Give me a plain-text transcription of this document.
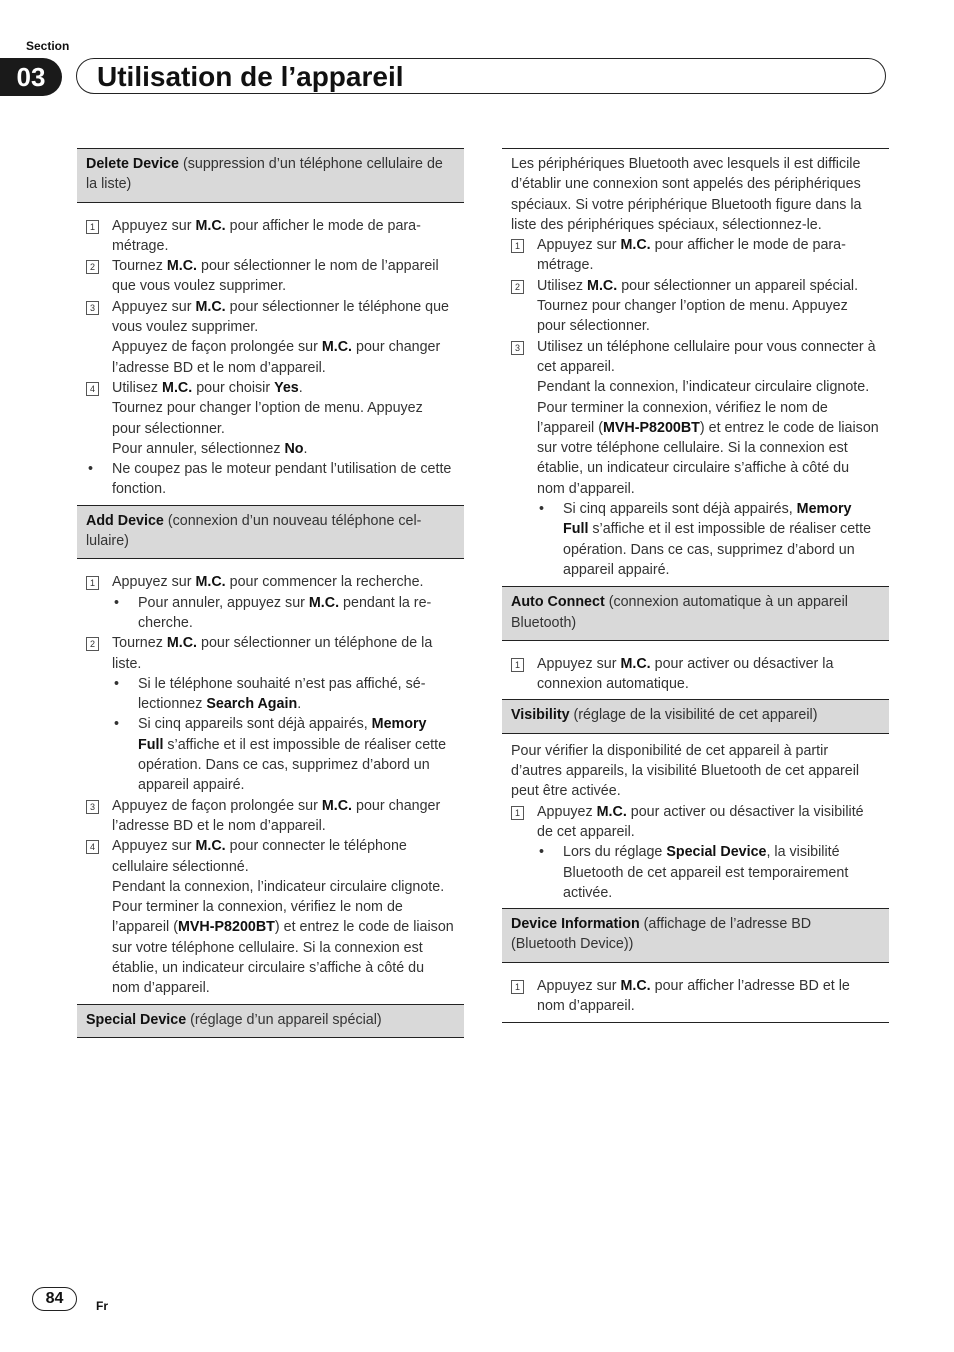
Section
03	Utilisation de l’appareil
Delete Device (suppression d’un téléphone cellulaire de la liste)
1 Appuyez sur M.C. pour afficher le mode de paramétrage.
2 Tournez M.C. pour sélectionner le nom de l’appareil que vous voulez supprimer.
3 Appuyez sur M.C. pour sélectionner le téléphone que vous voulez supprimer.
Appuyez de façon prolongée sur M.C. pour changer l’adresse BD et le nom d’appareil.
4 Utilisez M.C. pour choisir Yes.
Tournez pour changer l’option de menu. Appuyez pour sélectionner.
Pour annuler, sélectionnez No.
• Ne coupez pas le moteur pendant l’utilisation de cette fonction.
Add Device (connexion d’un nouveau téléphone cellulaire)
1 Appuyez sur M.C. pour commencer la recherche.
• Pour annuler, appuyez sur M.C. pendant la recherche.
2 Tournez M.C. pour sélectionner un téléphone de la liste.
• Si le téléphone souhaité n’est pas affiché, sélectionnez Search Again.
• Si cinq appareils sont déjà appairés, Memory Full s’affiche et il est impossible de réaliser cette opération. Dans ce cas, supprimez d’abord un appareil appairé.
3 Appuyez de façon prolongée sur M.C. pour changer l’adresse BD et le nom d’appareil.
4 Appuyez sur M.C. pour connecter le téléphone cellulaire sélectionné.
Pendant la connexion, l’indicateur circulaire clignote. Pour terminer la connexion, vérifiez le nom de l’appareil (MVH-P8200BT) et entrez le code de liaison sur votre téléphone cellulaire. Si la connexion est établie, un indicateur circulaire s’affiche à côté du nom d’appareil.
Special Device (réglage d’un appareil spécial)
Les périphériques Bluetooth avec lesquels il est difficile d’établir une connexion sont appelés des périphériques spéciaux. Si votre périphérique Bluetooth figure dans la liste des périphériques spéciaux, sélectionnez-le.
1 Appuyez sur M.C. pour afficher le mode de paramétrage.
2 Utilisez M.C. pour sélectionner un appareil spécial.
Tournez pour changer l’option de menu. Appuyez pour sélectionner.
3 Utilisez un téléphone cellulaire pour vous connecter à cet appareil.
Pendant la connexion, l’indicateur circulaire clignote. Pour terminer la connexion, vérifiez le nom de l’appareil (MVH-P8200BT) et entrez le code de liaison sur votre téléphone cellulaire. Si la connexion est établie, un indicateur circulaire s’affiche à côté du nom d’appareil.
• Si cinq appareils sont déjà appairés, Memory Full s’affiche et il est impossible de réaliser cette opération. Dans ce cas, supprimez d’abord un appareil appairé.
Auto Connect (connexion automatique à un appareil Bluetooth)
1 Appuyez sur M.C. pour activer ou désactiver la connexion automatique.
Visibility (réglage de la visibilité de cet appareil)
Pour vérifier la disponibilité de cet appareil à partir d’autres appareils, la visibilité Bluetooth de cet appareil peut être activée.
1 Appuyez M.C. pour activer ou désactiver la visibilité de cet appareil.
• Lors du réglage Special Device, la visibilité Bluetooth de cet appareil est temporairement activée.
Device Information (affichage de l’adresse BD (Bluetooth Device))
1 Appuyez sur M.C. pour afficher l’adresse BD et le nom d’appareil.
84	Fr
